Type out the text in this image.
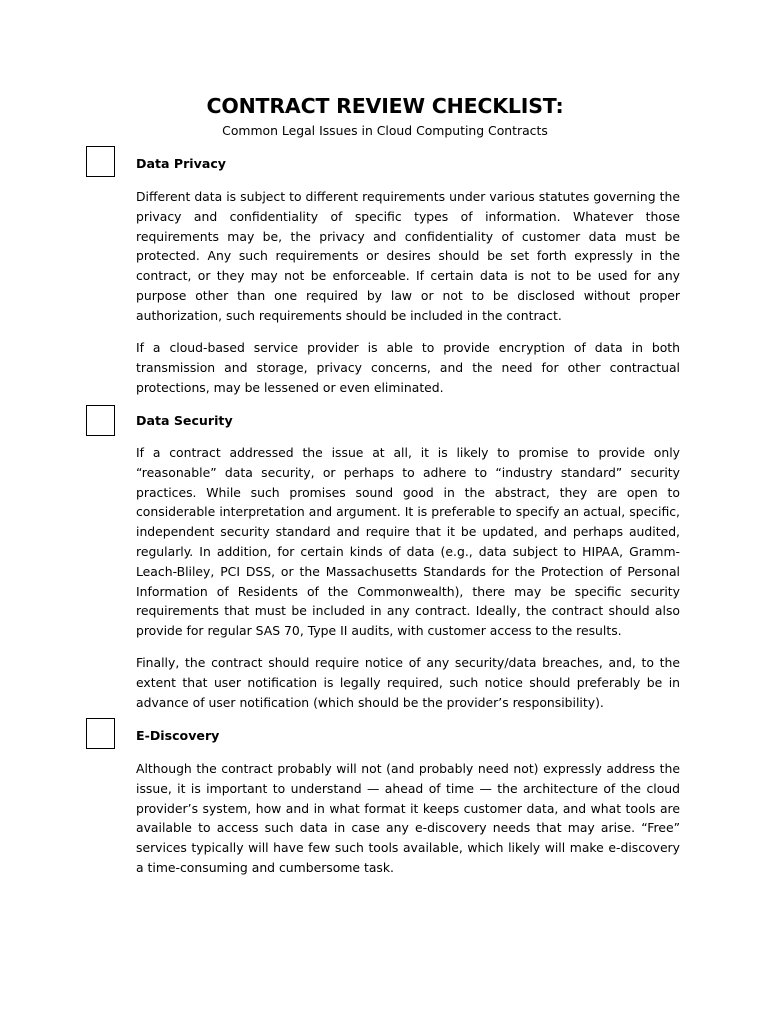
CONTRACT REVIEW CHECKLIST:
Common Legal Issues in Cloud Computing Contracts
Data Privacy

Different data is subject to different requirements under various statutes governing the privacy and confidentiality of specific types of information. Whatever those requirements may be, the privacy and confidentiality of customer data must be protected. Any such requirements or desires should be set forth expressly in the contract, or they may not be enforceable. If certain data is not to be used for any purpose other than one required by law or not to be disclosed without proper authorization, such requirements should be included in the contract.

If a cloud-based service provider is able to provide encryption of data in both transmission and storage, privacy concerns, and the need for other contractual protections, may be lessened or even eliminated.

Data Security

If a contract addressed the issue at all, it is likely to promise to provide only “reasonable” data security, or perhaps to adhere to “industry standard” security practices. While such promises sound good in the abstract, they are open to considerable interpretation and argument. It is preferable to specify an actual, specific, independent security standard and require that it be updated, and perhaps audited, regularly. In addition, for certain kinds of data (e.g., data subject to HIPAA, Gramm-Leach-Bliley, PCI DSS, or the Massachusetts Standards for the Protection of Personal Information of Residents of the Commonwealth), there may be specific security requirements that must be included in any contract. Ideally, the contract should also provide for regular SAS 70, Type II audits, with customer access to the results.

Finally, the contract should require notice of any security/data breaches, and, to the extent that user notification is legally required, such notice should preferably be in advance of user notification (which should be the provider’s responsibility).

E-Discovery

Although the contract probably will not (and probably need not) expressly address the issue, it is important to understand — ahead of time — the architecture of the cloud provider’s system, how and in what format it keeps customer data, and what tools are available to access such data in case any e-discovery needs that may arise. “Free” services typically will have few such tools available, which likely will make e-discovery a time-consuming and cumbersome task.
